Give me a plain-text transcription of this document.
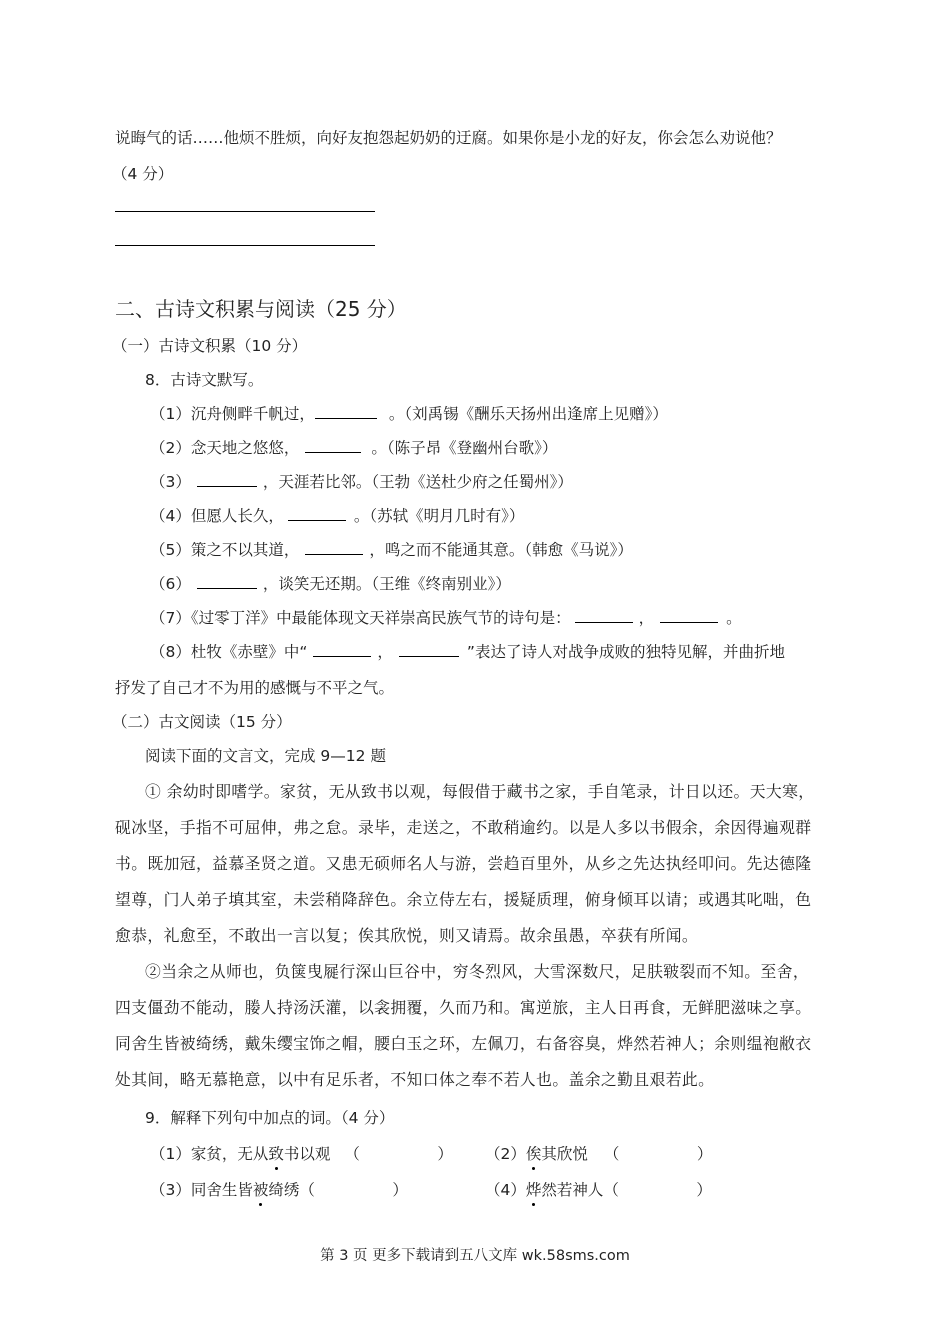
说晦气的话……他烦不胜烦，向好友抱怨起奶奶的迂腐。如果你是小龙的好友，你会怎么劝说他？
（4 分）
二、古诗文积累与阅读（25 分）
（一）古诗文积累（10 分）
8．古诗文默写。
（1）沉舟侧畔千帆过，	。（刘禹锡《酬乐天扬州出逢席上见赠》）
（2）念天地之悠悠，	。（陈子昂《登幽州台歌》）
（3）	，天涯若比邻。（王勃《送杜少府之任蜀州》）
（4）但愿人长久，	。（苏轼《明月几时有》）
（5）策之不以其道，	，鸣之而不能通其意。（韩愈《马说》）
（6）	，谈笑无还期。（王维《终南别业》）
（7）《过零丁洋》中最能体现文天祥崇高民族气节的诗句是：	，	。
（8）杜牧《赤壁》中“	，	”表达了诗人对战争成败的独特见解，并曲折地
抒发了自己才不为用的感慨与不平之气。
（二）古文阅读（15 分）
阅读下面的文言文，完成 9—12 题
① 余幼时即嗜学。家贫，无从致书以观，每假借于藏书之家，手自笔录，计日以还。天大寒，
砚冰坚，手指不可屈伸，弗之怠。录毕，走送之，不敢稍逾约。以是人多以书假余，余因得遍观群
书。既加冠，益慕圣贤之道。又患无硕师名人与游，尝趋百里外，从乡之先达执经叩问。先达德隆
望尊，门人弟子填其室，未尝稍降辞色。余立侍左右，援疑质理，俯身倾耳以请；或遇其叱咄，色
愈恭，礼愈至，不敢出一言以复；俟其欣悦，则又请焉。故余虽愚，卒获有所闻。
②当余之从师也，负箧曳屣行深山巨谷中，穷冬烈风，大雪深数尺，足肤皲裂而不知。至舍，
四支僵劲不能动，媵人持汤沃灌，以衾拥覆，久而乃和。寓逆旅，主人日再食，无鲜肥滋味之享。
同舍生皆被绮绣，戴朱缨宝饰之帽，腰白玉之环，左佩刀，右备容臭，烨然若神人；余则缊袍敝衣
处其间，略无慕艳意，以中有足乐者，不知口体之奉不若人也。盖余之勤且艰若此。
9．解释下列句中加点的词。（4 分）
（1）家贫，无从致书以观 （　　　　　） （2）俟其欣悦 （　　　　　）
（3）同舍生皆被绮绣（　　　　　）	（4）烨然若神人（　　　　　）
第 3 页 更多下载请到五八文库 wk.58sms.com
